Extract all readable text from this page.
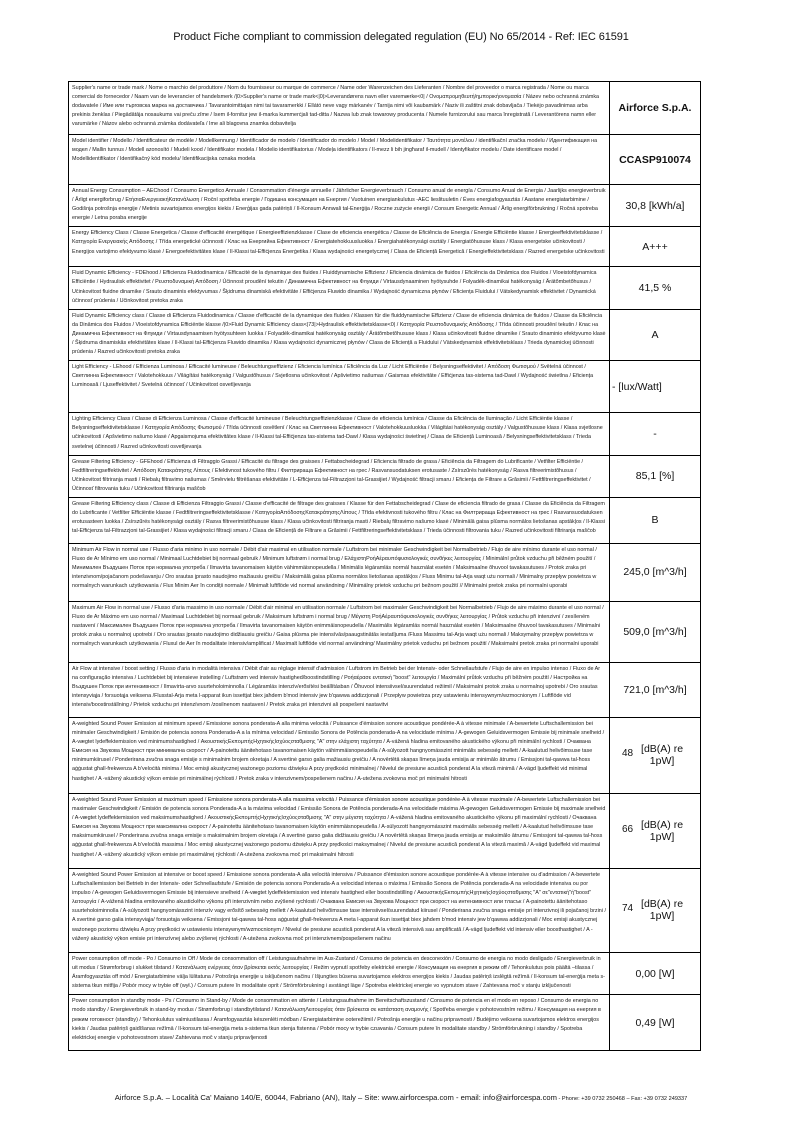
Product Fiche compliant to commission delegated regulation (EU) No 65/2014 - Ref: IEC 61591
Supplier's name or trade mark / Nome o marchio del produttore / Nom du fournisseur ou marque de commerce / Name oder Warenzeichen des Lieferanten / Nombre del proveedor o marca registrada / Nome ou marca comercial do fornecedor / Naam van de leverancier of handelsmerk /|0>Supplier's name or trade mark<|0|>Leverandørens navn eller varemærke<0| / Ονομαπρομηθευτή/ημπορικήονομασία / Název nebo ochranná známka dodavatele / Име или търговска марка на доставчика / Tavarantoimittajan nimi tai tavaramerkki / Ellátó neve vagy márkanév / Tarnija nimi või kaubamärk / Naziv ili zaštitni znak dobavljača / Tiekėjo pavadinimas arba prekinis ženklas / Piegādātāja nosaukums vai preču zīme / Isem il-fornitur jew il-marka kummerċjali tad-ditta / Nazwa lub znak towarowy producenta / Numele furnizorului sau marca înregistrată / Leverantörens namn eller varumärke / Názov alebo ochranná známka dodávateľa / Ime ali blagovna znamka dobavitelja	Airforce S.p.A.
Model identifier / Modello / Identificateur de modèle / Modellkennung / Identificador de modelo / Identificador do modelo / Model / Modelidentifikator / Ταυτότητα μοντέλου / identifikační značka modelu / Идентификация на модел / Mallin tunnus / Modell azonosító / Mudeli kood / Identifikator modela / Modelio identifikatorius / Modeļa identifikators / Il-mezz li bih jingħaraf il-mudell / Identyfikator modelu / Date identificare model / Modellidentifikator / Identifikačný kód modelu/ Identifikacijska oznaka modela	CCASP910074
Annual Energy Consumption – AEChood / Consumo Energetico Annuale / Consommation d'énergie annuelle / Jährlicher Energieverbrauch / Consumo anual de energía / Consumo Anual de Energia / Jaarlijks energieverbruik / Årligt energiforbrug / ΕτήσιαΕνεργειακήΚατανάλωση / Roční spotřeba energie / Годишна консумация на Енергия / Vuotuinen energiankulutus -AEC lieslituuletin / Éves energiafogyasztás / Aastane energiatarbimine / Godišnja potrošnja energije / Metinis suvartojamos energijos kiekis / Enerģijas gada patēriņš / Il-Konsum Annwali tal-Enerġija / Roczne zużycie energii / Consum Energetic Annual / Årlig energiförbrukning / Ročná spotreba energie / Letna poraba energije	30,8 [kWh/a]
Energy Efficiency Class / Classe Energetica / Classe d'efficacité énergétique / Energieeffizienzklasse / Clase de eficiencia energética / Classe de Eficiência de Energia / Energie Efficiëntie klasse / Energieeffektivitetsklasse / Κατηγορία Ενεργειακής Απόδοσης / Třída energetické účinnosti / Клас на Енергийна Ефективност / Energiatehokkuusluokka / Energiahatékonysági osztály / Energiatõhususe klass / Klasa energetske učinkovitosti / Energijos vartojimo efektyvumo klasė / Energoefektivitātes klase / Il-Klassi tal-Effiċjenza Enerġetika / Klasa wydajności energetycznej / Clasa de Eficiență Energetică / Energieffektivitetsklass / Razred energetske učinkovitosti	A+++
Fluid Dynamic Efficiency - FDEhood / Efficienza Fluidodinamica / Efficacité de la dynamique des fluides / Fluiddynamische Effizienz / Eficiencia dinámica de fluidos / Eficiência da Dinâmica dos Fluidos / Vloeistofdynamica Efficiëntie / Hydraulisk effektivitet / Ρευστοδυναμική Απόδοση / Účinnost proudění tekutin / Динамична Ефективност на Флуиди / Virtausdynaaminen hyötysuhde / Folyadék-dinamikai hatékonyság / Ärätõmbetõhusus / Učinkovitost fluidne dinamike / Srauto dinaminis efektyvumas / Šķidruma dinamiskā efektivitāte / Effiċjenza Fluwido dinamika / Wydajność dynamiczna płynów / Eficiența Fluidului / Vätskedynamisk effektivitet / Dynamická účinnosť prúdenia / Učinkovitost pretoka zraka	41,5 %
Fluid Dynamic Efficiency class / Classe di Efficienza Fluidodinamica / Classe d'efficacité de la dynamique des fluides / Klassen für die fluiddynamische Effizienz / Clase de eficiencia dinámica de fluidos / Classe da Eficiência da Dinâmica dos Fluidos / Vloeistofdynamica Efficiëntie klasse /|0>Fluid Dynamic Efficiency class<|73|>Hydraulisk effektivitetsklasse<0| / Κατηγορία Ρευστοδυναμικής Απόδοσης / Třída účinnosti proudění tekutin / Клас на Динамична Ефективност на Флуиди / Virtausdynaamisen hyötysuhteen luokka / Folyadék-dinamikai hatékonyság osztály / Ärätõmbetõhususe klass / Klasa učinkovitosti fluidne dinamike / Srauto dinaminio efektyvumo klasė / Šķidruma dinamiskās efektivitātes klase / Il-Klassi tal-Effiċjenza Fluwido dinamika / Klasa wydajności dynamicznej płynów / Clasa de Eficiență a Fluidului / Vätskedynamisk effektivitetsklass / Trieda dynamickej účinnosti prúdenia / Razred učinkovitosti pretoka zraka	A
Light Efficiency - LEhood / Efficienza Luminosa / Efficacité lumineuse / Beleuchtungseffizienz / Eficiencia lumínica / Eficiência da Luz / Licht Efficiëntie / Belysningseffektivitet / Απόδοση Φωτισμού / Světelná účinnost / Светлинна Ефективност / Valotehokkuus / Világítási hatékonyság / Valgustõhusus / Svjetlosna učinkovitost / Apšvietimo našumas / Gaismas efektivitāte / Effiċjenza tas-sistema tad-Dawl / Wydajność świetlna / Eficiența Luminoasă / Ljuseffektivitet / Svetelná účinnosť / Učinkovitost osvetljevanja	- [lux/Watt]
Lighting Efficiency Class / Classe di Efficienza Luminosa / Classe d'efficacité lumineuse / Beleuchtungseffizienzklasse / Clase de eficiencia lumínica / Classe da Eficiência de Iluminação / Licht Efficiëntie klasse / Belysningseffektivitetsklasse / Κατηγορία Απόδοσης Φωτισμού / Třída účinnosti osvětlení / Клас на Светлинна Ефективност / Valotehokkuusluokka / Világítási hatékonyság osztály / Valgustõhususe klass / Klasa svjetlosne učinkovitosti / Apšvietimo našumo klasė / Apgaismojuma efektivitātes klase / Il-Klassi tal-Effiċjenza tas-sistema tad-Dawl / Klasa wydajności świetlnej / Clasa de Eficiență Luminoasă / Belysningseffektivitetsklass / Trieda svetelnej účinnosti / Razred učinkovitosti osvetljevanja	-
Grease Filtering Efficiency - GFEhood / Efficienza di Filtraggio Grassi / Efficacité du filtrage des graisses / Fettabscheidegrad / Eficiencia filtrado de grasa / Eficiência da Filtragem do Lubrificante / Vetfilter Efficiëntie / Fedtfiltreringseffektivitet / Απόδοση Κατακράτησης Λίπους / Efektivnost tukového filtru / Филтрираща Ефективност на грес / Rasvansuodatuksen erotusaste / Zsírszűrés hatékonyság / Rasva filtreerimistõhusus / Učinkovitost filtriranja masti / Riebalų filtravimo našumas / Smērvielu filtrēšanas efektivitāte / L-Effiċjenza tal-Filtrazzjoni tal-Grassijiet / Wydajność filtracji smaru / Eficiența de Filtrare a Grăsimii / Fettfiltreringseffektivitet / Účinnosť filtrovania tuku / Učinkovitost filtriranja maščob	85,1 [%]
Grease Filtering Efficiency class / Classe di Efficienza Filtraggio Grassi / Classe d'efficacité de filtrage des graisses / Klasse für den Fettabscheidegrad / Clase de eficiencia filtrado de grasa / Classe da Eficiência da Filtragem do Lubrificante / Vetfilter Efficiëntie klasse / Fedtfiltreringseffektivitetsklasse / ΚατηγορίαΑπόδοσηςΚατακράτησηςΛίπους / Třída efektivnosti tukového filtru / Клас на Филтрираща Ефективност на грес / Rasvansuodatuksen erotusasteen luokka / Zsírszűrés hatékonysági osztály / Rasva filtreerimistõhususe klass / Klasa učinkovitosti filtriranja masti / Riebalų filtravimo našumo klasė / Minimālā gaisa plūsma normālos lietošanas apstākļos / Il-Klassi tal-Effiċjenza tal-Filtrazzjoni tal-Grassijiet / Klasa wydajności filtracji smaru / Clasa de Eficiență de Filtrare a Grăsimii / Fettfiltreringseffektivitetsklass / Trieda účinnosti filtrovania tuku / Razred učinkovitosti filtriranja maščob	B
Minimum Air Flow in normal use / Flusso d'aria minimo in uso normale / Débit d'air maximal en utilisation normale / Luftstrom bei minimaler Geschwindigkeit bei Normalbetrieb / Flujo de aire mínimo durante el uso normal / Fluxo de Ar Mínimo em uso normal / Minimaal Luchtdebiet bij normaal gebruik / Minimum luftstrøm i normal brug / ΕλάχιστηΡοήΑέραυπόφυσιολογικές συνθήκες λειτουργίας / Minimální průtok vzduchu při běžném použití / Минимален Въздушен Поток при нормална употреба / Ilmavirta tavanomaisen käytön vähimmäisnopeudella / Minimális légáramlás normál használat esetén / Maksimaalne õhuvool tavakasutuses / Protok zraka pri intenzivnom/pojačanom podešavanju / Oro srautas įprasto naudojimo mažiausiu greičiu / Maksimālā gaisa plūsma normālos lietošanas apstākļos / Fluss Minimu tal-Arja waqt użu normali / Minimalny przepływ powietrza w normalnych warunkach użytkowania / Flux Minim Aer în condiții normale / Minimalt luftflöde vid normal användning / Minimálny prietok vzduchu pri bežnom použití // Minimalni pretok zraka pri normalni uporabi	245,0 [m^3/h]
Maximum Air Flow in normal use / Flusso d'aria massimo in uso normale / Débit d'air minimal en utilisation normale / Luftstrom bei maximaler Geschwindigkeit bei Normalbetrieb / Flujo de aire máximo durante el uso normal / Fluxo de Ar Máximo em uso normal / Maximaal Luchtdebiet bij normaal gebruik / Maksimum luftstrøm i normal brug / Μέγιστη ΡοήΑέραυπόφυσιολογικές συνθήκες λειτουργίας / Průtok vzduchu při intenzivní / zesíleném nastavení / Максимален Въздушен Поток при нормална употреба / Ilmavirta tavanomaisen käytön enimmäisnopeudella / Maximális légáramlás normál használat esetén / Maksimaalne õhuvool tavakasutuses / Minimalni protok zraka u normalnoj upotrebi / Oro srautas įprasto naudojimo didžiausiu greičiu / Gaisa plūsma pie intensīvās/paaugstinātās iestatījuma /Fluss Massimu tal-Arja waqt użu normali / Maksymalny przepływ powietrza w normalnych warunkach użytkowania / Fluxul de Aer în modalitate intensiv/amplificat / Maximalt luftflöde vid normal användning/ Maximálny prietok vzduchu pri bežnom použití / Maksimalni pretok zraka pri normalni uporabi	509,0 [m^3/h]
Air Flow at intensive / boost setting / Flusso d'aria in modalità intensiva / Débit d'air au réglage intensif d'admission / Luftstrom im Betrieb bei der Intensiv- oder Schnellaufstufe / Flujo de aire en impulso intenso / Fluxo de Ar na configuração intensiva / Luchtdebiet bij intensieve instelling / Luftstrøm ved intensiv hastighed/boostindstilling / Ροήαέρασε εντατική "boost" λειτουργία / Maximální průtok vzduchu při běžném použití / Настройка на Въздушен Поток при интензивност / Ilmavirta-arvo suurteholoiminnolla / Légáramlás intenzív/erősítési beállításban / Õhuvool intensiivsel/suurendatud režiimil / Maksimalni protok zraka u normalnoj upotrebi / Oro srautas intensyviąja / forsuotąja veiksena /Flusstal-Arja meta l-apparat ikun issettjat biex jaħdem b'mod intensiv jew b'qawwa addizzjonali / Przepływ powietrza przy ustawieniu intensywnym/wzmocnionym / Luftflöde vid intensiv/boostinställning / Prietok vzduchu pri intenzívnom /zosilnenom nastavení / Pretok zraka pri intenzivni ali pospešeni nastavitvi	721,0 [m^3/h]
A-weighted Sound Power Emission at minimum speed / Emissione sonora ponderata-A alla minima velocità / Puissance d'émission sonore acoustique pondérée-A à vitesse minimale / A-bewertete Luftschallemission bei minimaler Geschwindigkeit / Emisión de potencia sonora Ponderada-A a la mínima velocidad / Emissão Sonora de Potência ponderada-A na velocidade mínima / A-gewogen Geluidsvermogen Emissie bij minimale snelheid / A-vægtet lydeffektemission ved minimumshastighed / ΑκουστικήςΕκπομπήςΗχητικήςΙσχύοςσταθμισης "A" στην ελάχιστη ταχύτητα / A-vážená hladina emitovaného akustického výkonu při minimální rychlosti / Очаквана Емисия на Звукова Мощност при минимална скорост / A-painotettu äänitehotaso tavanomaisen käytön vähimmäisnopeudella / A-súlyozott hangnyomásszint minimális sebesség mellett / A-kaalutud helivõimsuse tase minimumkiirusel / Ponderirana zvučna snaga emisije s minimalnim brojem okretaja / A svertinė garso galia mažiausiu greičiu / A novērtētā skaņas līmeņa jauda emisija ar minimālo ātrumu / Emissjoni tal-qawwa tal-ħoss aġġustat għall-frekwenza A b'veloċità minima / Moc emisji akustycznej ważonego poziomu dźwięku A przy prędkości minimalnej / Nivelul de presiune acustică ponderat A la viteză minimă / A-vägd ljudeffekt vid minimal hastighet / A -vážený akustický výkon emisie pri minimálnej rýchlosti / Pretok zraka v intenzivnem/pospešenem načinu / A-utežena zvokovna moč pri minimalni hitrosti	48 [dB(A) re 1pW]

A-weighted Sound Power Emission at maximum speed / Emissione sonora ponderata-A alla massima velocità / Puissance d'émission sonore acoustique pondérée-A à vitesse maximale / A-bewertete Luftschallemission bei maximaler Geschwindigkeit / Emisión de potencia sonora Ponderada-A a la máxima velocidad / Emissão Sonora de Potência ponderada-A na velocidade máxima /A-gewogen Geluidsvermogen Emissie bij maximale snelheid / A-vægtet lydeffektemission ved maksimumshastighed / ΑκουστικήςΕκπομπήςΗχητικήςΙσχύοςσταθμισης "A" στην μέγιστη ταχύτητα / A-vážená hladina emitovaného akustického výkonu při maximální rychlosti / Очаквана Емисия на Звукова Мощност при максимална скорост / A-painotettu äänitehotaso tavanomaisen käytön enimmäisnopeudella / A-súlyozott hangnyomásszint maximális sebesség mellett / A-kaalutud helivõimsuse tase maksimumkiirusel / Ponderirana zvučna snaga emisije s maksimalnim brojem okretaja / A svertinė garso galia didžiausiu greičiu / A novērtētā skaņas līmeņa jauda emisija ar maksimālo ātrumu / Emissjoni tal-qawwa tal-ħoss aġġustat għall-frekwenza A b'veloċità massima / Moc emisji akustycznej ważonego poziomu dźwięku A przy prędkości maksymalnej / Nivelul de presiune acustică ponderat A la viteză maximă / A-vägd ljudeffekt vid maximal hastighet / A -vážený akustický výkon emisie pri maximálnej rýchlosti / A-utežena zvokovna moč pri maksimalni hitrosti	66 [dB(A) re 1pW]

A-weighted Sound Power Emission at intensive or boost speed / Emissione sonora ponderata-A alla velocità intensiva / Puissance d'émission sonore acoustique pondérée-A à vitesse intensive ou d'admission / A-bewertete Luftschallemission bei Betrieb in der Intensiv- oder Schnellaufstufe / Emisión de potencia sonora Ponderada-A a velocidad intensa o máxima / Emissão Sonora de Potência ponderada-A na velocidade intensiva ou por impulso / A-gewogen Geluidsvermogen Emissie bij intensieve snelheid / A-vægtet lydeffektemission ved intensiv hastighed eller boostindstilling / ΑκουστικήςΕκπομπήςΗχητικήςΙσχύοςσταθμισης "A" σε"εντατική"ή"boost" λειτουργία / A-vážená hladina emitovaného akustického výkonu při intenzivním nebo zvýšené rychlosti / Очаквана Емисия на Звукова Мощност при скорост на интензивност или тласък / A-painotettu äänitehotaso suurteholoiminnolla / A-súlyozott hangnyomásszint intenzív vagy erősítő sebesség mellett / A-kaalutud helivõimsuse tase intensiivsel/suurendatud kiirusel / Ponderirana zvučna snaga emisije pri intenzivnoj ili pojačanoj brzini / A svertinė garso galia intensyviąja/ forsuotąja veiksena / Emissjoni tal-qawwa tal-ħoss aġġustat għall-frekwenza A meta l-apparat ikun issettjat biex jaħdem b'mod intensiv jew b'qawwa addizzjonali / Moc emisji akustycznej ważonego poziomu dźwięku A przy prędkości w ustawieniu intensywnym/wzmocnionym / Nivelul de presiune acustică ponderat A la viteză intensivă sau amplificată / A-vägd ljudeffekt vid intensiv eller boosthastighet / A -vážený akustický výkon emisie pri intenzívnej alebo zvýšenej rýchlosti / A-utežena zvokovna moč pri intenzivnem/pospešenem načinu	74 [dB(A) re 1pW]

Power consumption off mode - Po / Consumo in Off / Mode de consommation off / Leistungsaufnahme im Aus-Zustand / Consumo de potencia en desconexión / Consumo de energia no modo desligado / Energieverbruik in uit modus / Strømforbrug i slukket tilstand / Κατανάλωση ενέργειας όταν βρίσκεται εκτός λειτουργίας / Režim vypnutí spotřeby elektrické energie / Консумация на енергия в режим off / Tehonkulutus pois päältä –tilassa / Áramfogyasztás off mód / Energiatarbimine välja lülitatuna / Potrošnja energije u isključenom načinu / Išjungties būsena suvartojamos elektros energijos kiekis / Jaudas patēriņš izslēgtā režīmā / Il-konsum tal-enerġija meta s-sistema tkun mitfija / Pobór mocy w trybie off (wył.) / Consum putere în modalitate oprit / Strömförbrukning i avstängt läge / Spotreba elektrickej energie vo vypnutom stave / Zahtevana moč v stanju izključenosti	0,00 [W]
Power consumption in standby mode - Ps / Consumo in Stand-by / Mode de consommation en attente / Leistungsaufnahme im Bereitschaftszustand / Consumo de potencia en el modo en reposo / Consumo de energia no modo standby / Energieverbruik in stand-by modus / Strømforbrug i standbytilstand / ΚατανάλωσηΛειτουργίας όταν βρίσκεται σε κατάσταση αναμονής / Spotřeba energie v pohotovostním režimu / Консумация на енергия в режим готовност (standby) / Tehonkulutus valmiustilassa / Áramfogyasztás készenléti módban / Energiatarbimine ooterežiimil / Potrošnja energije u načinu pripravnosti / Budėjimo veiksena suvartojamos elektros energijos kiekis / Jaudas patēriņš gaidīšanas režīmā / Il-konsum tal-enerġija meta s-sistema tkun stenja fistenna / Pobór mocy w trybie czuwania / Consum putere în modalitate standby / Strömförbrukning i standby / Spotreba elektrickej energie v pohotovostnom stave/ Zahtevana moč v stanju pripravljenosti	0,49 [W]
Airforce S.p.A. – Località Ca' Maiano 140/E, 60044, Fabriano (AN), Italy – Site: www.airforcespa.com - email: info@airforcespa.com - Phone: +39 0732 250468 – Fax: +39 0732 249337
